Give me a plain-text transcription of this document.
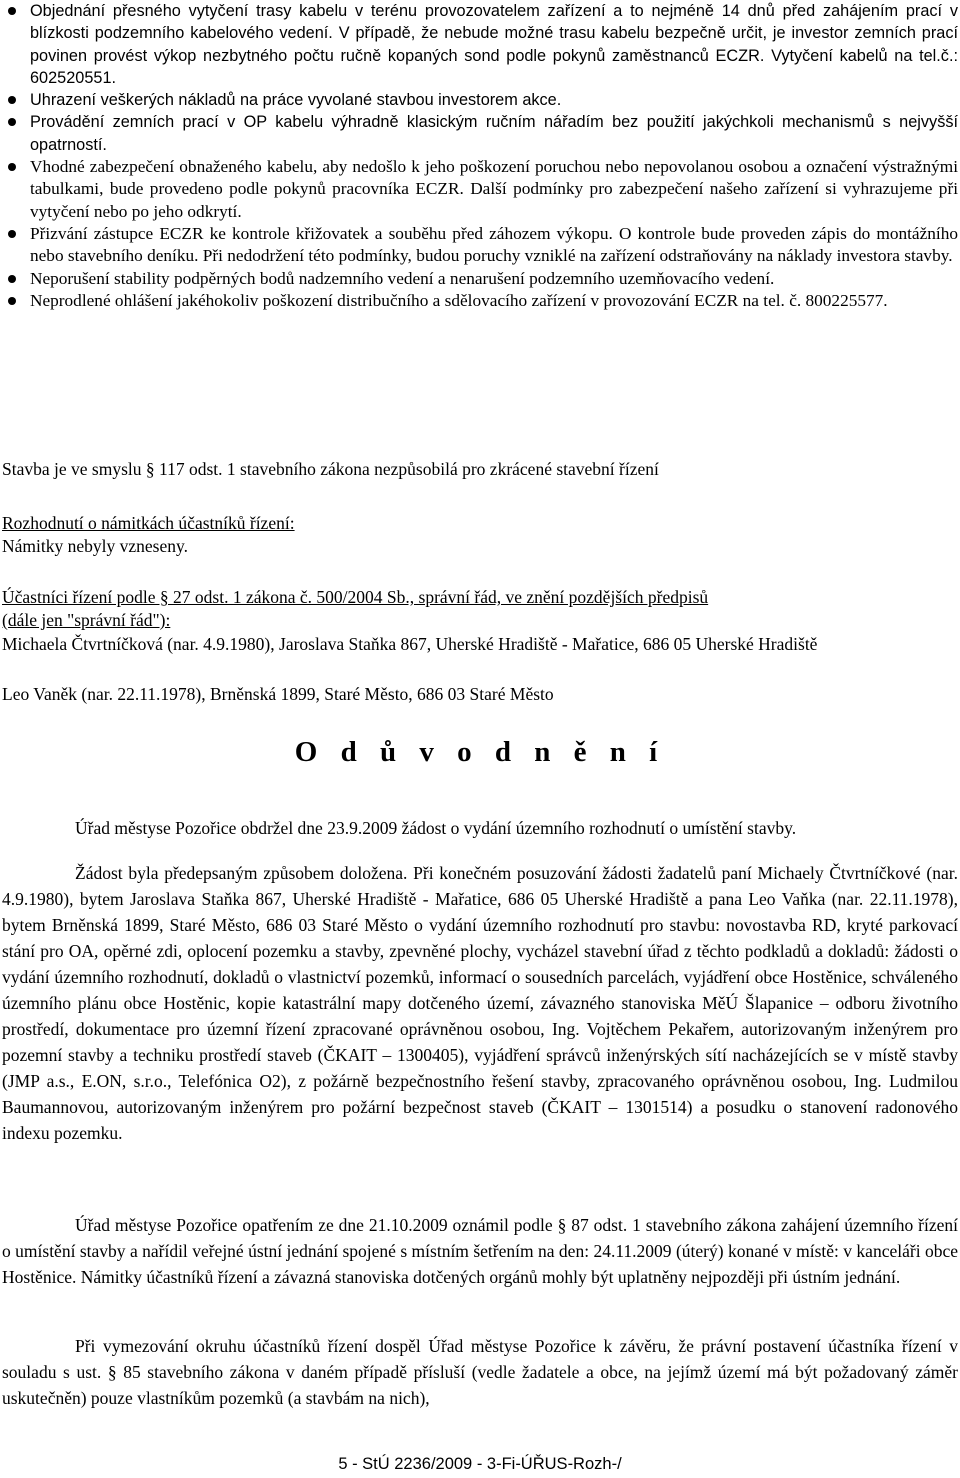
Objednání přesného vytyčení trasy kabelu v terénu provozovatelem zařízení a to nejméně 14 dnů před zahájením prací v blízkosti podzemního kabelového vedení. V případě, že nebude možné trasu kabelu bezpečně určit, je investor zemních prací povinen provést výkop nezbytného počtu ručně kopaných sond podle pokynů zaměstnanců ECZR. Vytyčení kabelů na tel.č.: 602520551.
Uhrazení veškerých nákladů na práce vyvolané stavbou investorem akce.
Provádění zemních prací v OP kabelu výhradně klasickým ručním nářadím bez použití jakýchkoli mechanismů s nejvyšší opatrností.
Vhodné zabezpečení obnaženého kabelu, aby nedošlo k jeho poškození poruchou nebo nepovolanou osobou a označení výstražnými tabulkami, bude provedeno podle pokynů pracovníka ECZR. Další podmínky pro zabezpečení našeho zařízení si vyhrazujeme při vytyčení nebo po jeho odkrytí.
Přizvání zástupce ECZR ke kontrole křižovatek a souběhu před záhozem výkopu. O kontrole bude proveden zápis do montážního nebo stavebního deníku. Při nedodržení této podmínky, budou poruchy vzniklé na zařízení odstraňovány na náklady investora stavby.
Neporušení stability podpěrných bodů nadzemního vedení a nenarušení podzemního uzemňovacího vedení.
Neprodlené ohlášení jakéhokoliv poškození distribučního a sdělovacího zařízení v provozování ECZR na tel. č. 800225577.
Stavba je ve smyslu § 117 odst. 1 stavebního zákona nezpůsobilá pro zkrácené stavební řízení
Rozhodnutí o námitkách účastníků řízení:
Námitky nebyly vzneseny.
Účastníci řízení podle § 27 odst. 1 zákona č. 500/2004 Sb., správní řád, ve znění pozdějších předpisů
(dále jen "správní řád"):
Michaela Čtvrtníčková (nar. 4.9.1980), Jaroslava Staňka 867, Uherské Hradiště - Mařatice, 686 05 Uherské Hradiště
Leo Vaněk (nar. 22.11.1978), Brněnská 1899, Staré Město, 686 03 Staré Město
O d ů v o d n ě n í

Úřad městyse Pozořice obdržel dne 23.9.2009 žádost o vydání územního rozhodnutí o umístění stavby.

Žádost byla předepsaným způsobem doložena. Při konečném posuzování žádosti žadatelů paní Michaely Čtvrtníčkové (nar. 4.9.1980), bytem Jaroslava Staňka 867, Uherské Hradiště - Mařatice, 686 05 Uherské Hradiště a pana Leo Vaňka (nar. 22.11.1978), bytem Brněnská 1899, Staré Město, 686 03 Staré Město o vydání územního rozhodnutí pro stavbu: novostavba RD, kryté parkovací stání pro OA, opěrné zdi, oplocení pozemku a stavby, zpevněné plochy, vycházel stavební úřad z těchto podkladů a dokladů: žádosti o vydání územního rozhodnutí, dokladů o vlastnictví pozemků, informací o sousedních parcelách, vyjádření obce Hostěnice, schváleného územního plánu obce Hostěnic, kopie katastrální mapy dotčeného území, závazného stanoviska MěÚ Šlapanice – odboru životního prostředí, dokumentace pro územní řízení zpracované oprávněnou osobou, Ing. Vojtěchem Pekařem, autorizovaným inženýrem pro pozemní stavby a techniku prostředí staveb (ČKAIT – 1300405), vyjádření správců inženýrských sítí nacházejících se v místě stavby (JMP a.s., E.ON, s.r.o., Telefónica O2), z požárně bezpečnostního řešení stavby, zpracovaného oprávněnou osobou, Ing. Ludmilou Baumannovou, autorizovaným inženýrem pro požární bezpečnost staveb (ČKAIT – 1301514) a posudku o stanovení radonového indexu pozemku.

Úřad městyse Pozořice opatřením ze dne 21.10.2009 oznámil podle § 87 odst. 1 stavebního zákona zahájení územního řízení o umístění stavby a nařídil veřejné ústní jednání spojené s místním šetřením na den: 24.11.2009 (úterý) konané v místě: v kanceláři obce Hostěnice. Námitky účastníků řízení a závazná stanoviska dotčených orgánů mohly být uplatněny nejpozději při ústním jednání.

Při vymezování okruhu účastníků řízení dospěl Úřad městyse Pozořice k závěru, že právní postavení účastníka řízení v souladu s ust. § 85 stavebního zákona v daném případě přísluší (vedle žadatele a obce, na jejímž území má být požadovaný záměr uskutečněn) pouze vlastníkům pozemků (a stavbám na nich),

5 - StÚ 2236/2009 - 3-Fi-ÚŘUS-Rozh-/
